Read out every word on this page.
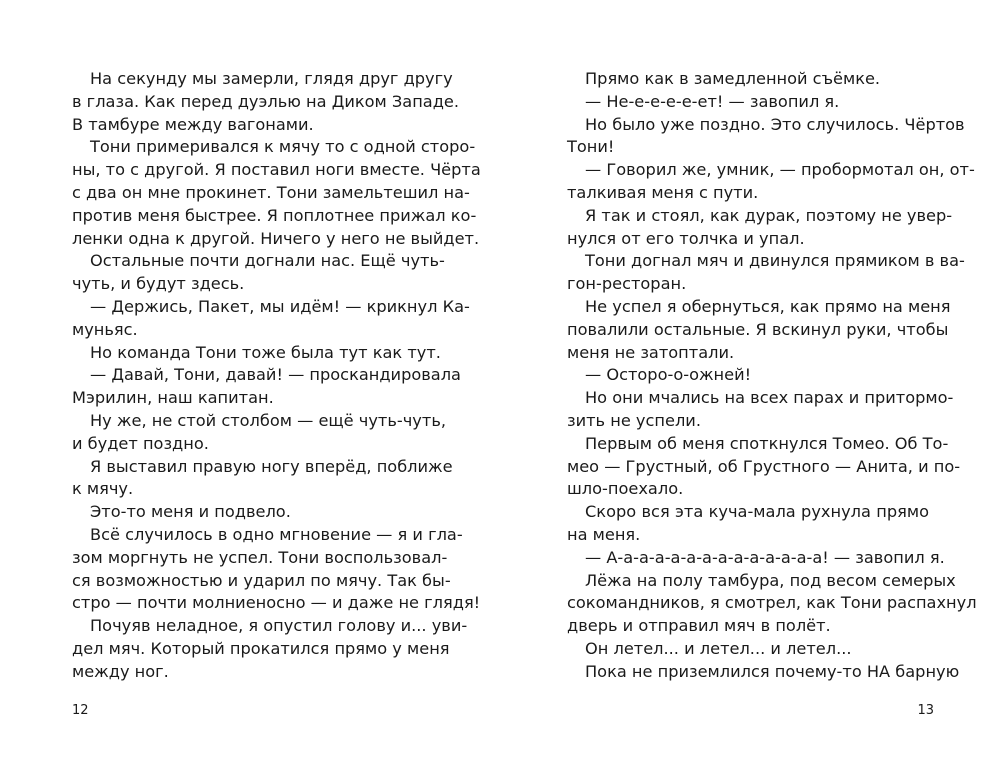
На секунду мы замерли, глядя друг другу
в глаза. Как перед дуэлью на Диком Западе.
В тамбуре между вагонами.
Тони примеривался к мячу то с одной сторо-
ны, то с другой. Я поставил ноги вместе. Чёрта
с два он мне прокинет. Тони замельтешил на-
против меня быстрее. Я поплотнее прижал ко-
ленки одна к другой. Ничего у него не выйдет.
Остальные почти догнали нас. Ещё чуть-
чуть, и будут здесь.
— Держись, Пакет, мы идём! — крикнул Ка-
муньяс.
Но команда Тони тоже была тут как тут.
— Давай, Тони, давай! — проскандировала
Мэрилин, наш капитан.
Ну же, не стой столбом — ещё чуть-чуть,
и будет поздно.
Я выставил правую ногу вперёд, поближе
к мячу.
Это-то меня и подвело.
Всё случилось в одно мгновение — я и гла-
зом моргнуть не успел. Тони воспользовал-
ся возможностью и ударил по мячу. Так бы-
стро — почти молниеносно — и даже не глядя!
Почуяв неладное, я опустил голову и... уви-
дел мяч. Который прокатился прямо у меня
между ног.
Прямо как в замедленной съёмке.
— Не-е-е-е-е-ет! — завопил я.
Но было уже поздно. Это случилось. Чёртов
Тони!
— Говорил же, умник, — пробормотал он, от-
талкивая меня с пути.
Я так и стоял, как дурак, поэтому не увер-
нулся от его толчка и упал.
Тони догнал мяч и двинулся прямиком в ва-
гон-ресторан.
Не успел я обернуться, как прямо на меня
повалили остальные. Я вскинул руки, чтобы
меня не затоптали.
— Осторо-о-ожней!
Но они мчались на всех парах и притормо-
зить не успели.
Первым об меня споткнулся Томео. Об То-
мео — Грустный, об Грустного — Анита, и по-
шло-поехало.
Скоро вся эта куча-мала рухнула прямо
на меня.
— А-а-а-а-а-а-а-а-а-а-а-а-а-а! — завопил я.
Лёжа на полу тамбура, под весом семерых
сокомандников, я смотрел, как Тони распахнул
дверь и отправил мяч в полёт.
Он летел... и летел... и летел...
Пока не приземлился почему-то НА барную
12	13
